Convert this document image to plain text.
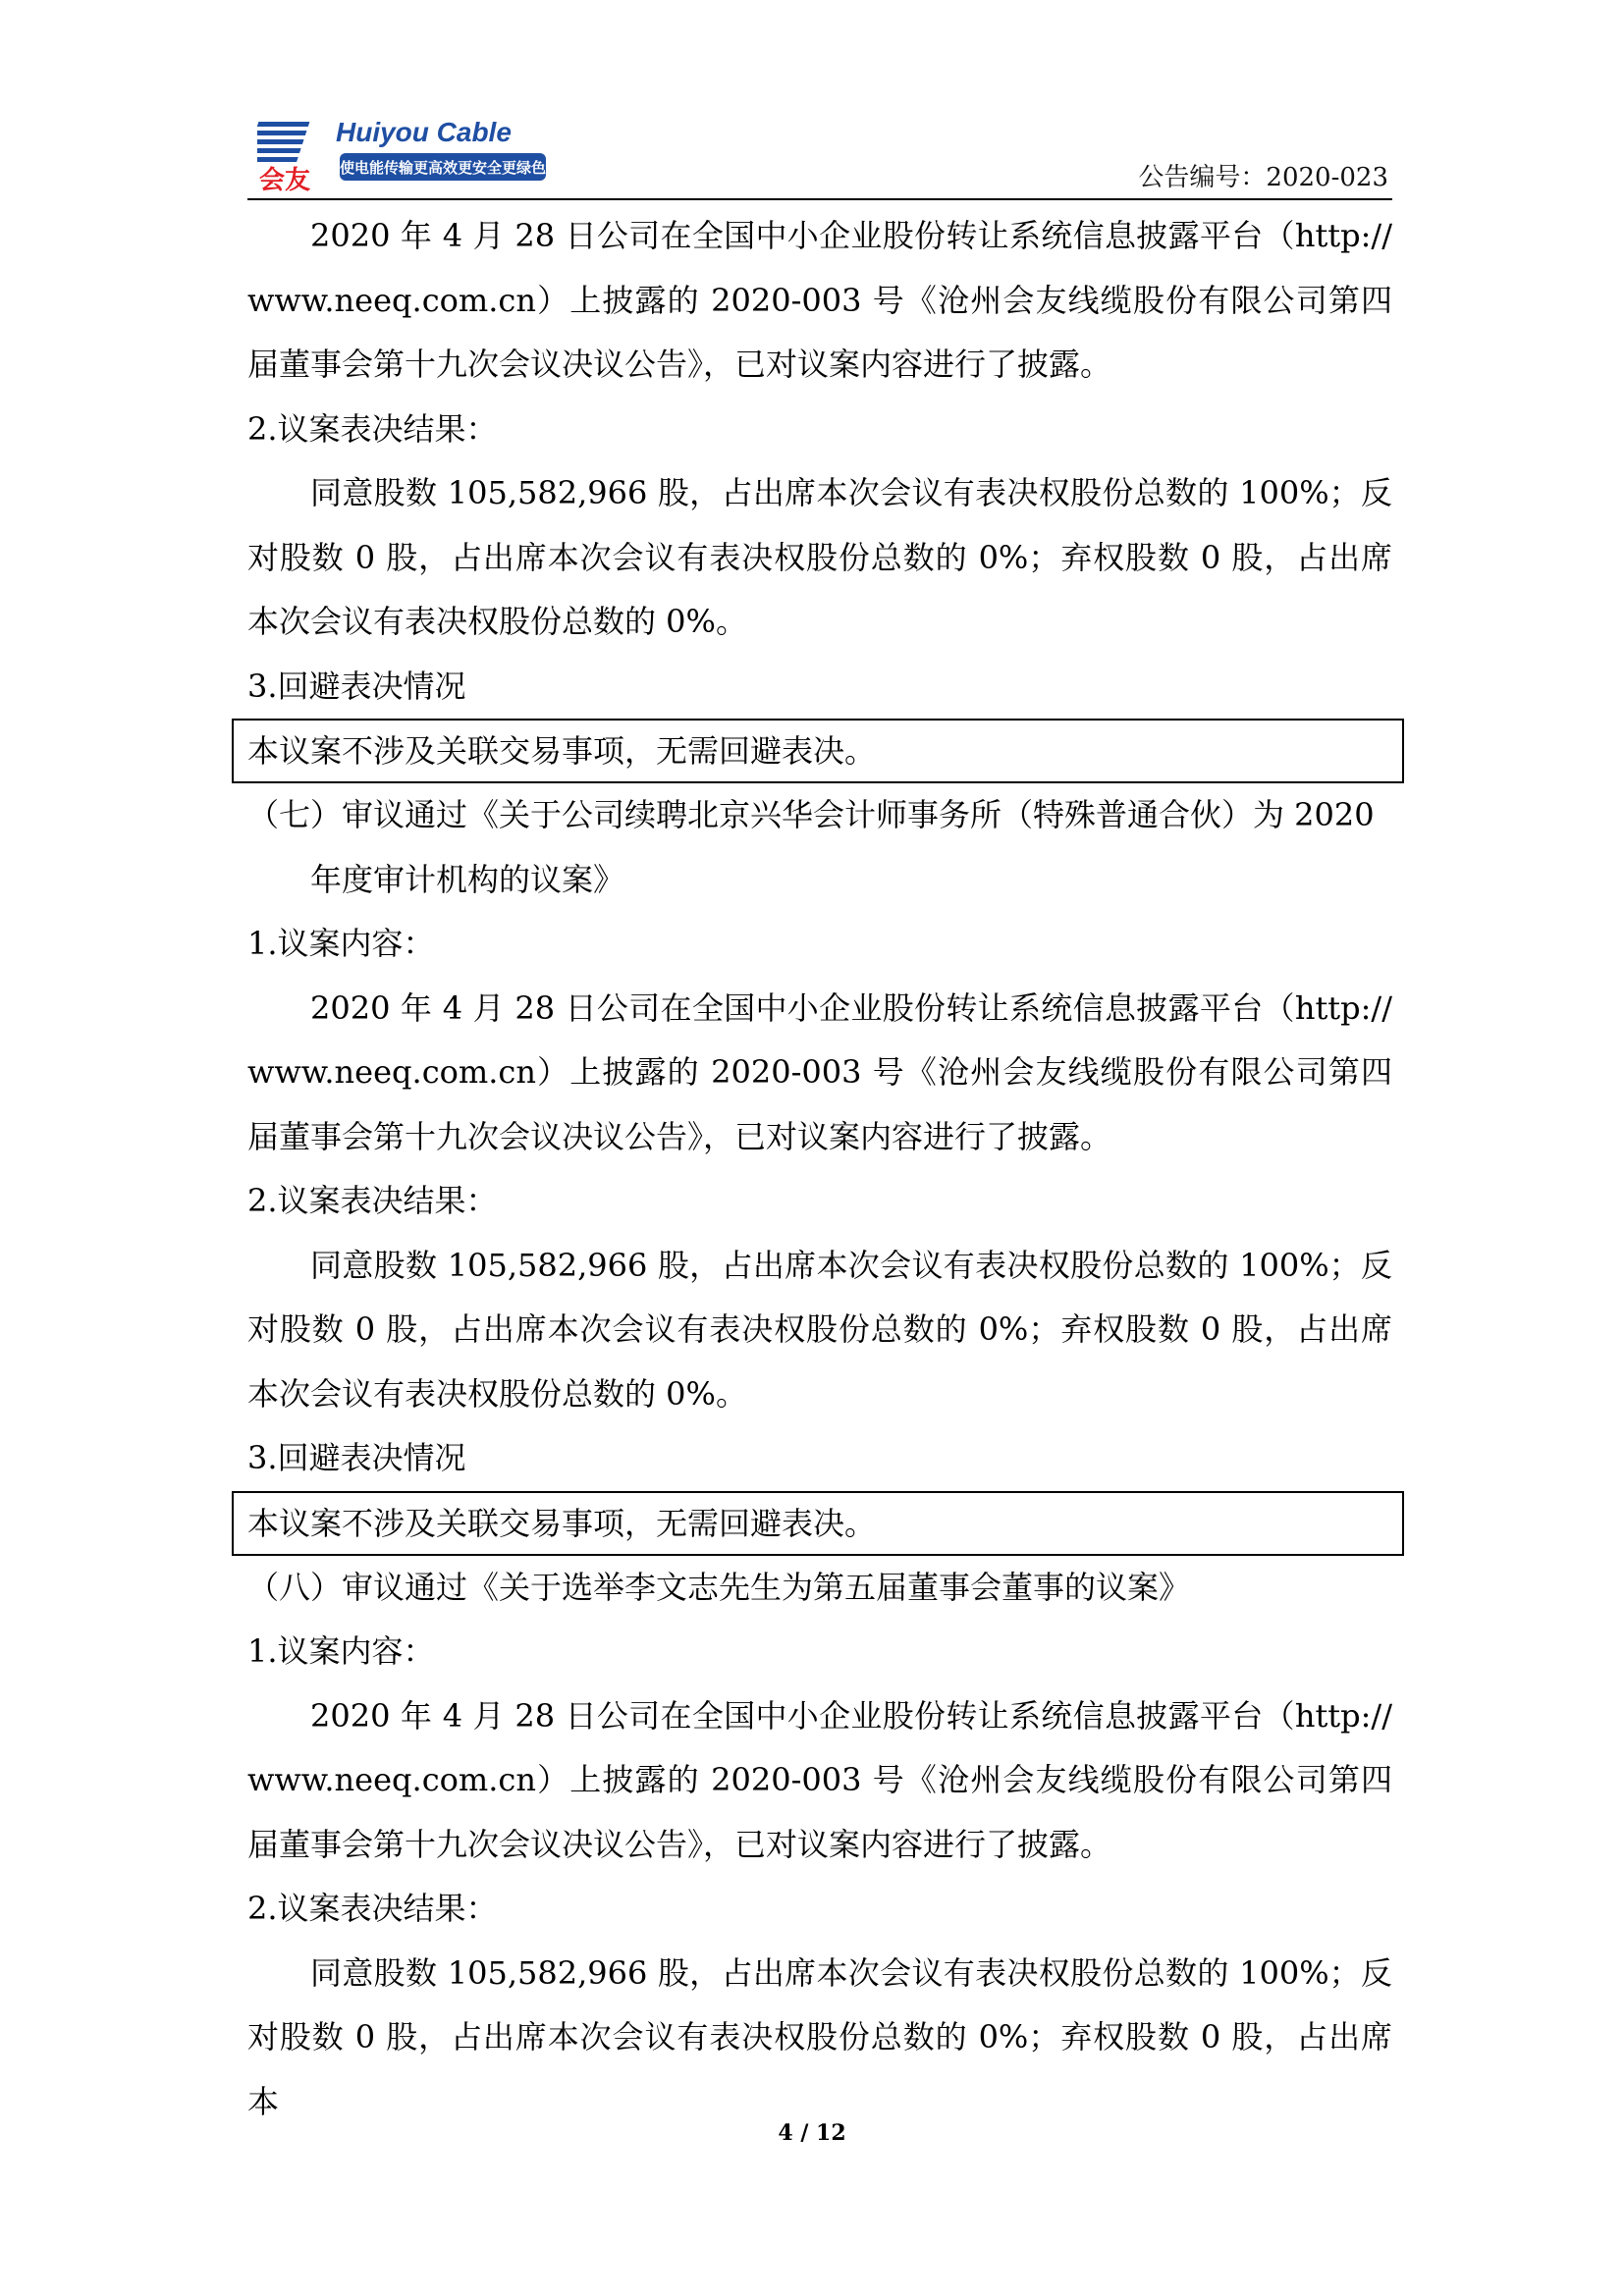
会友
Huiyou Cable
使电能传输更高效更安全更绿色	公告编号：2020-023
2020 年 4 月 28 日公司在全国中小企业股份转让系统信息披露平台（http://www.neeq.com.cn）上披露的 2020-003 号《沧州会友线缆股份有限公司第四届董事会第十九次会议决议公告》，已对议案内容进行了披露。
2.议案表决结果：
同意股数 105,582,966 股，占出席本次会议有表决权股份总数的 100%；反对股数 0 股，占出席本次会议有表决权股份总数的 0%；弃权股数 0 股，占出席本次会议有表决权股份总数的 0%。
3.回避表决情况
本议案不涉及关联交易事项，无需回避表决。
（七）审议通过《关于公司续聘北京兴华会计师事务所（特殊普通合伙）为 2020 年度审计机构的议案》
1.议案内容：
2020 年 4 月 28 日公司在全国中小企业股份转让系统信息披露平台（http://www.neeq.com.cn）上披露的 2020-003 号《沧州会友线缆股份有限公司第四届董事会第十九次会议决议公告》，已对议案内容进行了披露。
2.议案表决结果：
同意股数 105,582,966 股，占出席本次会议有表决权股份总数的 100%；反对股数 0 股，占出席本次会议有表决权股份总数的 0%；弃权股数 0 股，占出席本次会议有表决权股份总数的 0%。
3.回避表决情况
本议案不涉及关联交易事项，无需回避表决。
（八）审议通过《关于选举李文志先生为第五届董事会董事的议案》
1.议案内容：
2020 年 4 月 28 日公司在全国中小企业股份转让系统信息披露平台（http://www.neeq.com.cn）上披露的 2020-003 号《沧州会友线缆股份有限公司第四届董事会第十九次会议决议公告》，已对议案内容进行了披露。
2.议案表决结果：
同意股数 105,582,966 股，占出席本次会议有表决权股份总数的 100%；反对股数 0 股，占出席本次会议有表决权股份总数的 0%；弃权股数 0 股，占出席本
4 / 12
